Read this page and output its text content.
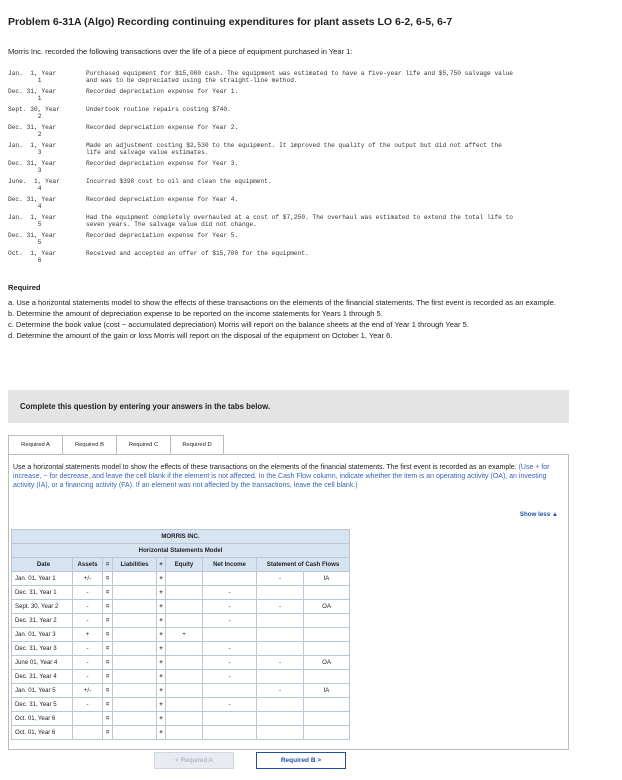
Problem 6-31A (Algo) Recording continuing expenditures for plant assets LO 6-2, 6-5, 6-7
Morris Inc. recorded the following transactions over the life of a piece of equipment purchased in Year 1:
Jan.  1, Year
1
Purchased equipment for $15,000 cash. The equipment was estimated to have a five-year life and $5,750 salvage value and was to be depreciated using the straight-line method.
Dec. 31, Year
1
Recorded depreciation expense for Year 1.
Sept. 30, Year
2
Undertook routine repairs costing $740.
Dec. 31, Year
2
Recorded depreciation expense for Year 2.
Jan.  1, Year
3
Made an adjustment costing $2,530 to the equipment. It improved the quality of the output but did not affect the life and salvage value estimates.
Dec. 31, Year
3
Recorded depreciation expense for Year 3.
June.  1, Year
4
Incurred $398 cost to oil and clean the equipment.
Dec. 31, Year
4
Recorded depreciation expense for Year 4.
Jan.  1, Year
5
Had the equipment completely overhauled at a cost of $7,250. The overhaul was estimated to extend the total life to seven years. The salvage value did not change.
Dec. 31, Year
5
Recorded depreciation expense for Year 5.
Oct.  1, Year
6
Received and accepted an offer of $15,700 for the equipment.
Required
a. Use a horizontal statements model to show the effects of these transactions on the elements of the financial statements. The first event is recorded as an example.
b. Determine the amount of depreciation expense to be reported on the income statements for Years 1 through 5.
c. Determine the book value (cost − accumulated depreciation) Morris will report on the balance sheets at the end of Year 1 through Year 5.
d. Determine the amount of the gain or loss Morris will report on the disposal of the equipment on October 1, Year 6.
Complete this question by entering your answers in the tabs below.
Required A	Required B	Required C	Required D
Use a horizontal statements model to show the effects of these transactions on the elements of the financial statements. The first event is recorded as an example. (Use + for increase, − for decrease, and leave the cell blank if the element is not affected. In the Cash Flow column, indicate whether the item is an operating activity (OA), an investing activity (IA), or a financing activity (FA). If an element was not affected by the transactions, leave the cell blank.)
Show less ▲
MORRIS INC.								
Horizontal Statements Model								
Date	Assets	=	Liabilities	+	Equity	Net Income	Statement of Cash Flows	
Jan. 01, Year 1	+/-	=		+			-	IA
Dec. 31, Year 1	-	=		+		-		
Sept. 30, Year 2	-	=		+		-	-	OA
Dec. 31, Year 2	-	=		+		-		
Jan. 01, Year 3	+	=		+	+			
Dec. 31, Year 3	-	=		+		-		
June 01, Year 4	-	=		+		-	-	OA
Dec. 31, Year 4	-	=		+		-		
Jan. 01, Year 5	+/-	=		+			-	IA
Dec. 31, Year 5	-	=		+		-		
Oct. 01, Year 6		=		+				
Oct. 01, Year 6		=		+				
< Required A	Required B >
